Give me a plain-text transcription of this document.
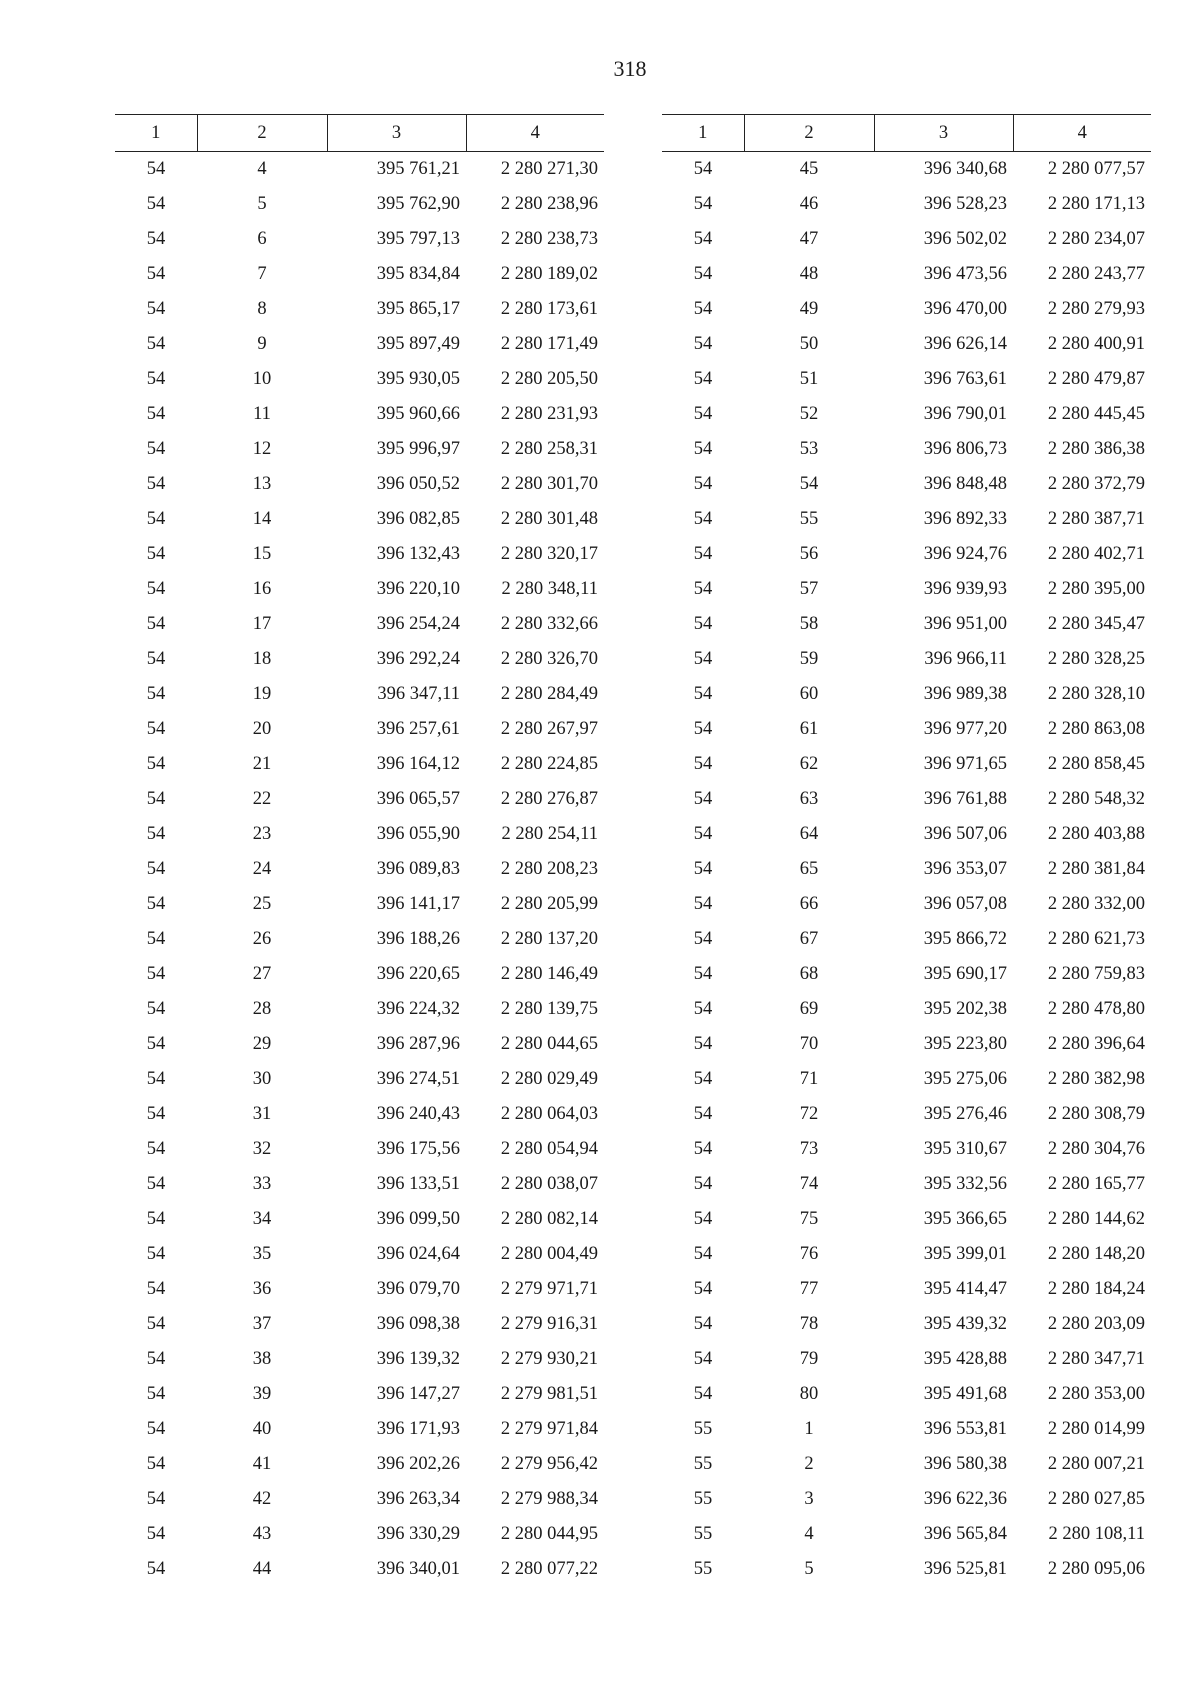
318
1	2	3	4
54	4	395 761,21	2 280 271,30
54	5	395 762,90	2 280 238,96
54	6	395 797,13	2 280 238,73
54	7	395 834,84	2 280 189,02
54	8	395 865,17	2 280 173,61
54	9	395 897,49	2 280 171,49
54	10	395 930,05	2 280 205,50
54	11	395 960,66	2 280 231,93
54	12	395 996,97	2 280 258,31
54	13	396 050,52	2 280 301,70
54	14	396 082,85	2 280 301,48
54	15	396 132,43	2 280 320,17
54	16	396 220,10	2 280 348,11
54	17	396 254,24	2 280 332,66
54	18	396 292,24	2 280 326,70
54	19	396 347,11	2 280 284,49
54	20	396 257,61	2 280 267,97
54	21	396 164,12	2 280 224,85
54	22	396 065,57	2 280 276,87
54	23	396 055,90	2 280 254,11
54	24	396 089,83	2 280 208,23
54	25	396 141,17	2 280 205,99
54	26	396 188,26	2 280 137,20
54	27	396 220,65	2 280 146,49
54	28	396 224,32	2 280 139,75
54	29	396 287,96	2 280 044,65
54	30	396 274,51	2 280 029,49
54	31	396 240,43	2 280 064,03
54	32	396 175,56	2 280 054,94
54	33	396 133,51	2 280 038,07
54	34	396 099,50	2 280 082,14
54	35	396 024,64	2 280 004,49
54	36	396 079,70	2 279 971,71
54	37	396 098,38	2 279 916,31
54	38	396 139,32	2 279 930,21
54	39	396 147,27	2 279 981,51
54	40	396 171,93	2 279 971,84
54	41	396 202,26	2 279 956,42
54	42	396 263,34	2 279 988,34
54	43	396 330,29	2 280 044,95
54	44	396 340,01	2 280 077,22
1	2	3	4
54	45	396 340,68	2 280 077,57
54	46	396 528,23	2 280 171,13
54	47	396 502,02	2 280 234,07
54	48	396 473,56	2 280 243,77
54	49	396 470,00	2 280 279,93
54	50	396 626,14	2 280 400,91
54	51	396 763,61	2 280 479,87
54	52	396 790,01	2 280 445,45
54	53	396 806,73	2 280 386,38
54	54	396 848,48	2 280 372,79
54	55	396 892,33	2 280 387,71
54	56	396 924,76	2 280 402,71
54	57	396 939,93	2 280 395,00
54	58	396 951,00	2 280 345,47
54	59	396 966,11	2 280 328,25
54	60	396 989,38	2 280 328,10
54	61	396 977,20	2 280 863,08
54	62	396 971,65	2 280 858,45
54	63	396 761,88	2 280 548,32
54	64	396 507,06	2 280 403,88
54	65	396 353,07	2 280 381,84
54	66	396 057,08	2 280 332,00
54	67	395 866,72	2 280 621,73
54	68	395 690,17	2 280 759,83
54	69	395 202,38	2 280 478,80
54	70	395 223,80	2 280 396,64
54	71	395 275,06	2 280 382,98
54	72	395 276,46	2 280 308,79
54	73	395 310,67	2 280 304,76
54	74	395 332,56	2 280 165,77
54	75	395 366,65	2 280 144,62
54	76	395 399,01	2 280 148,20
54	77	395 414,47	2 280 184,24
54	78	395 439,32	2 280 203,09
54	79	395 428,88	2 280 347,71
54	80	395 491,68	2 280 353,00
55	1	396 553,81	2 280 014,99
55	2	396 580,38	2 280 007,21
55	3	396 622,36	2 280 027,85
55	4	396 565,84	2 280 108,11
55	5	396 525,81	2 280 095,06
